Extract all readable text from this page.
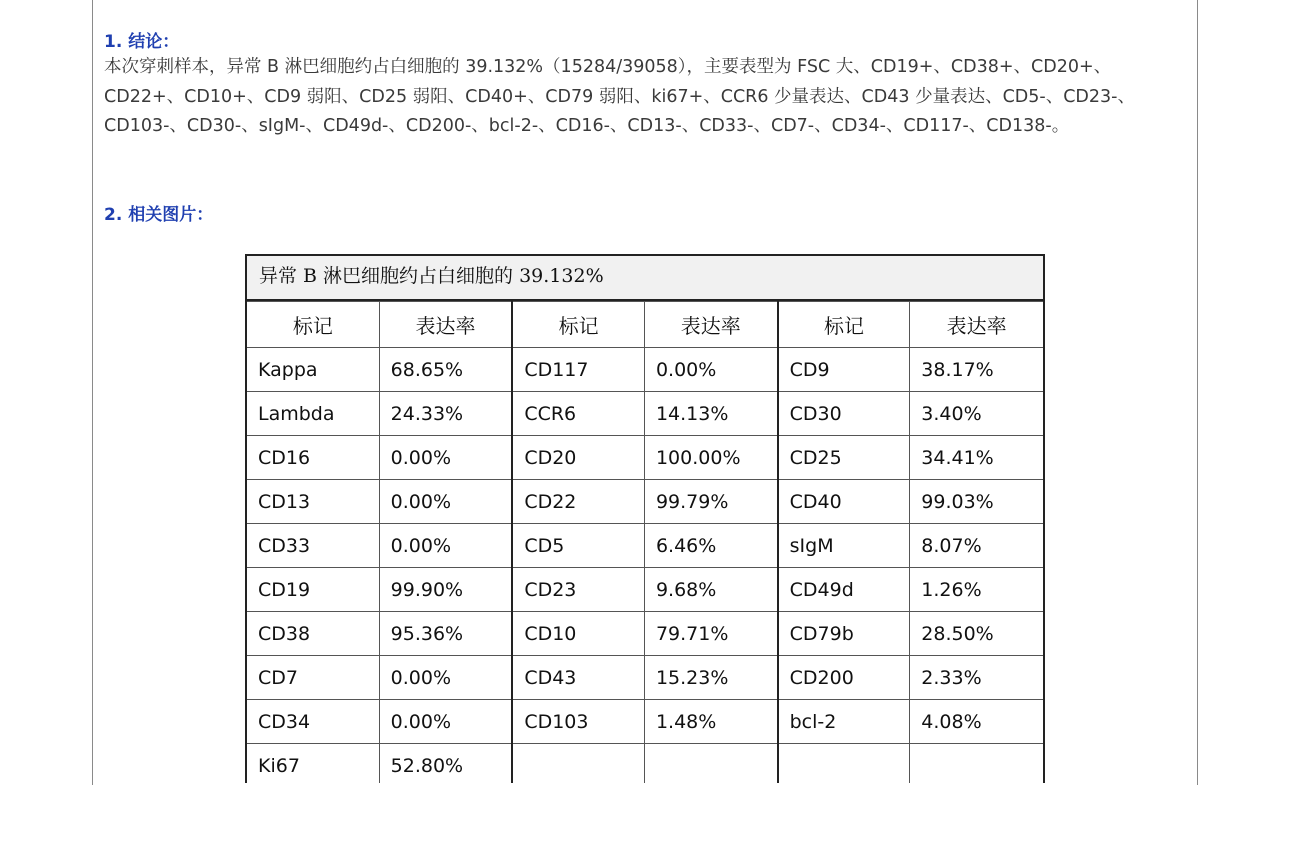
1. 结论：

本次穿刺样本，异常 B 淋巴细胞约占白细胞的 39.132%（15284/39058），主要表型为 FSC 大、CD19+、CD38+、CD20+、CD22+、CD10+、CD9 弱阳、CD25 弱阳、CD40+、CD79 弱阳、ki67+、CCR6 少量表达、CD43 少量表达、CD5-、CD23-、CD103-、CD30-、sIgM-、CD49d-、CD200-、bcl-2-、CD16-、CD13-、CD33-、CD7-、CD34-、CD117-、CD138-。

2. 相关图片：
异常 B 淋巴细胞约占白细胞的 39.132%
标记	表达率	标记	表达率	标记	表达率
Kappa	68.65%	CD117	0.00%	CD9	38.17%
Lambda	24.33%	CCR6	14.13%	CD30	3.40%
CD16	0.00%	CD20	100.00%	CD25	34.41%
CD13	0.00%	CD22	99.79%	CD40	99.03%
CD33	0.00%	CD5	6.46%	sIgM	8.07%
CD19	99.90%	CD23	9.68%	CD49d	1.26%
CD38	95.36%	CD10	79.71%	CD79b	28.50%
CD7	0.00%	CD43	15.23%	CD200	2.33%
CD34	0.00%	CD103	1.48%	bcl-2	4.08%
Ki67	52.80%				
